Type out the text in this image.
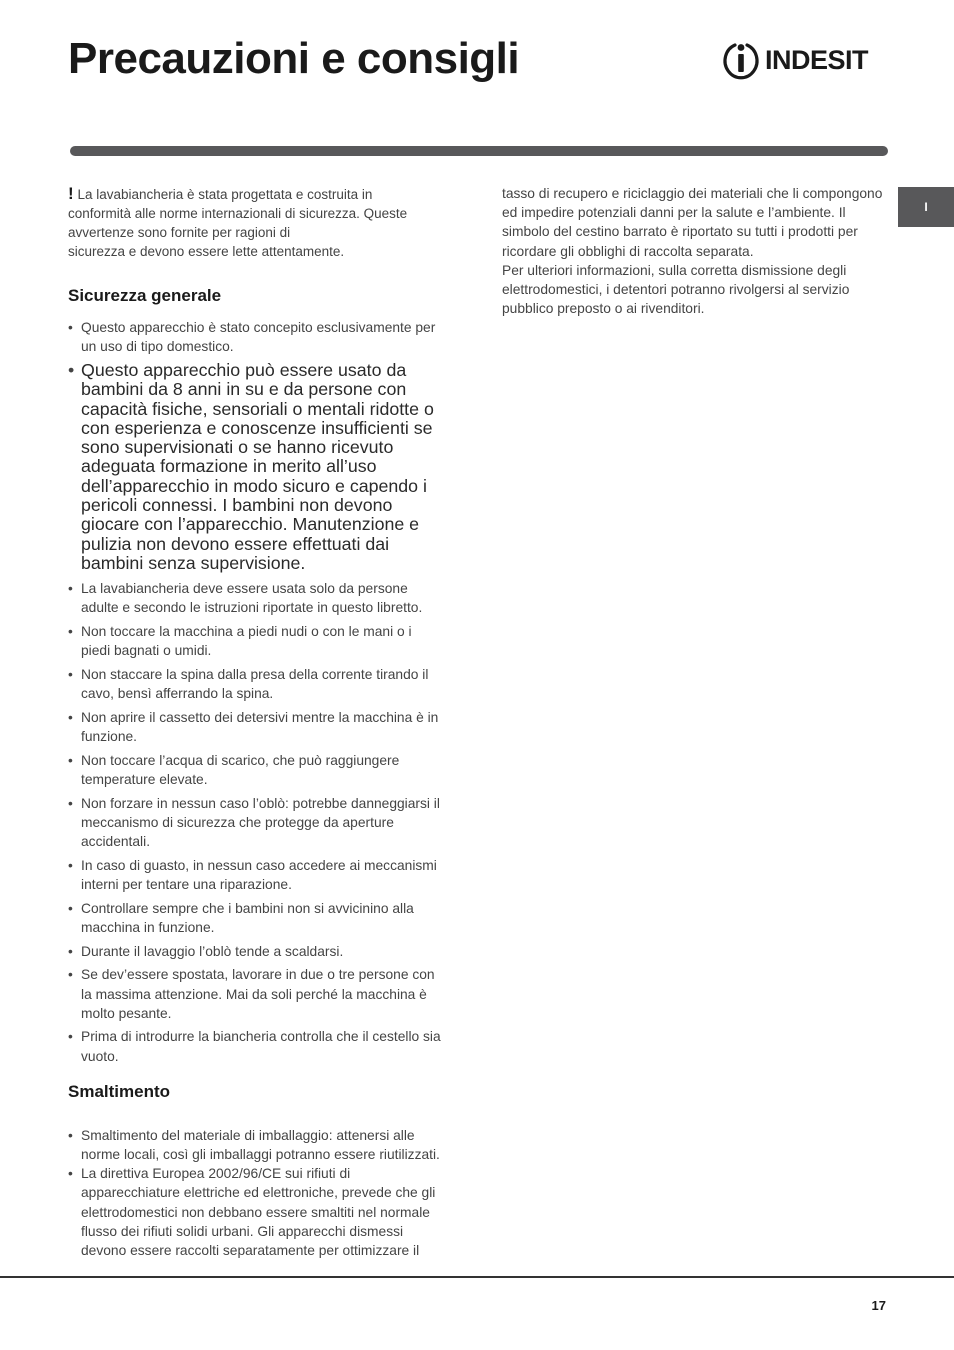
Precauzioni e consigli	INDESIT
I

! La lavabiancheria è stata progettata e costruita in
conformità alle norme internazionali di sicurezza. Queste
avvertenze sono fornite per ragioni di
sicurezza e devono essere lette attentamente.

Sicurezza generale
• Questo apparecchio è stato concepito esclusivamente per un uso di tipo domestico.
• Questo apparecchio può essere usato da bambini da 8 anni in su e da persone con capacità fisiche, sensoriali o mentali ridotte o con esperienza e conoscenze insufficienti se sono supervisionati o se hanno ricevuto adeguata formazione in merito all’uso dell’apparecchio in modo sicuro e capendo i pericoli connessi. I bambini non devono giocare con l’apparecchio. Manutenzione e pulizia non devono essere effettuati dai bambini senza supervisione.
• La lavabiancheria deve essere usata solo da persone adulte e secondo le istruzioni riportate in questo libretto.
• Non toccare la macchina a piedi nudi o con le mani o i piedi bagnati o umidi.
• Non staccare la spina dalla presa della corrente tirando il cavo, bensì afferrando la spina.
• Non aprire il cassetto dei detersivi mentre la macchina è in funzione.
• Non toccare l’acqua di scarico, che può raggiungere temperature elevate.
• Non forzare in nessun caso l’oblò: potrebbe danneggiarsi il meccanismo di sicurezza che protegge da aperture accidentali.
• In caso di guasto, in nessun caso accedere ai meccanismi interni per tentare una riparazione.
• Controllare sempre che i bambini non si avvicinino alla macchina in funzione.
• Durante il lavaggio l’oblò tende a scaldarsi.
• Se dev’essere spostata, lavorare in due o tre persone con la massima attenzione. Mai da soli perché la macchina è molto pesante.
• Prima di introdurre la biancheria controlla che il cestello sia vuoto.
Smaltimento
• Smaltimento del materiale di imballaggio: attenersi alle norme locali, così gli imballaggi potranno essere riutilizzati.
• La direttiva Europea 2002/96/CE sui rifiuti di apparecchiature elettriche ed elettroniche, prevede che gli elettrodomestici non debbano essere smaltiti nel normale flusso dei rifiuti solidi urbani. Gli apparecchi dismessi devono essere raccolti separatamente per ottimizzare il

tasso di recupero e riciclaggio dei materiali che li compongono ed impedire potenziali danni per la salute e l’ambiente. Il simbolo del cestino barrato è riportato su tutti i prodotti per ricordare gli obblighi di raccolta separata.

Per ulteriori informazioni, sulla corretta dismissione degli elettrodomestici, i detentori potranno rivolgersi al servizio pubblico preposto o ai rivenditori.

17
